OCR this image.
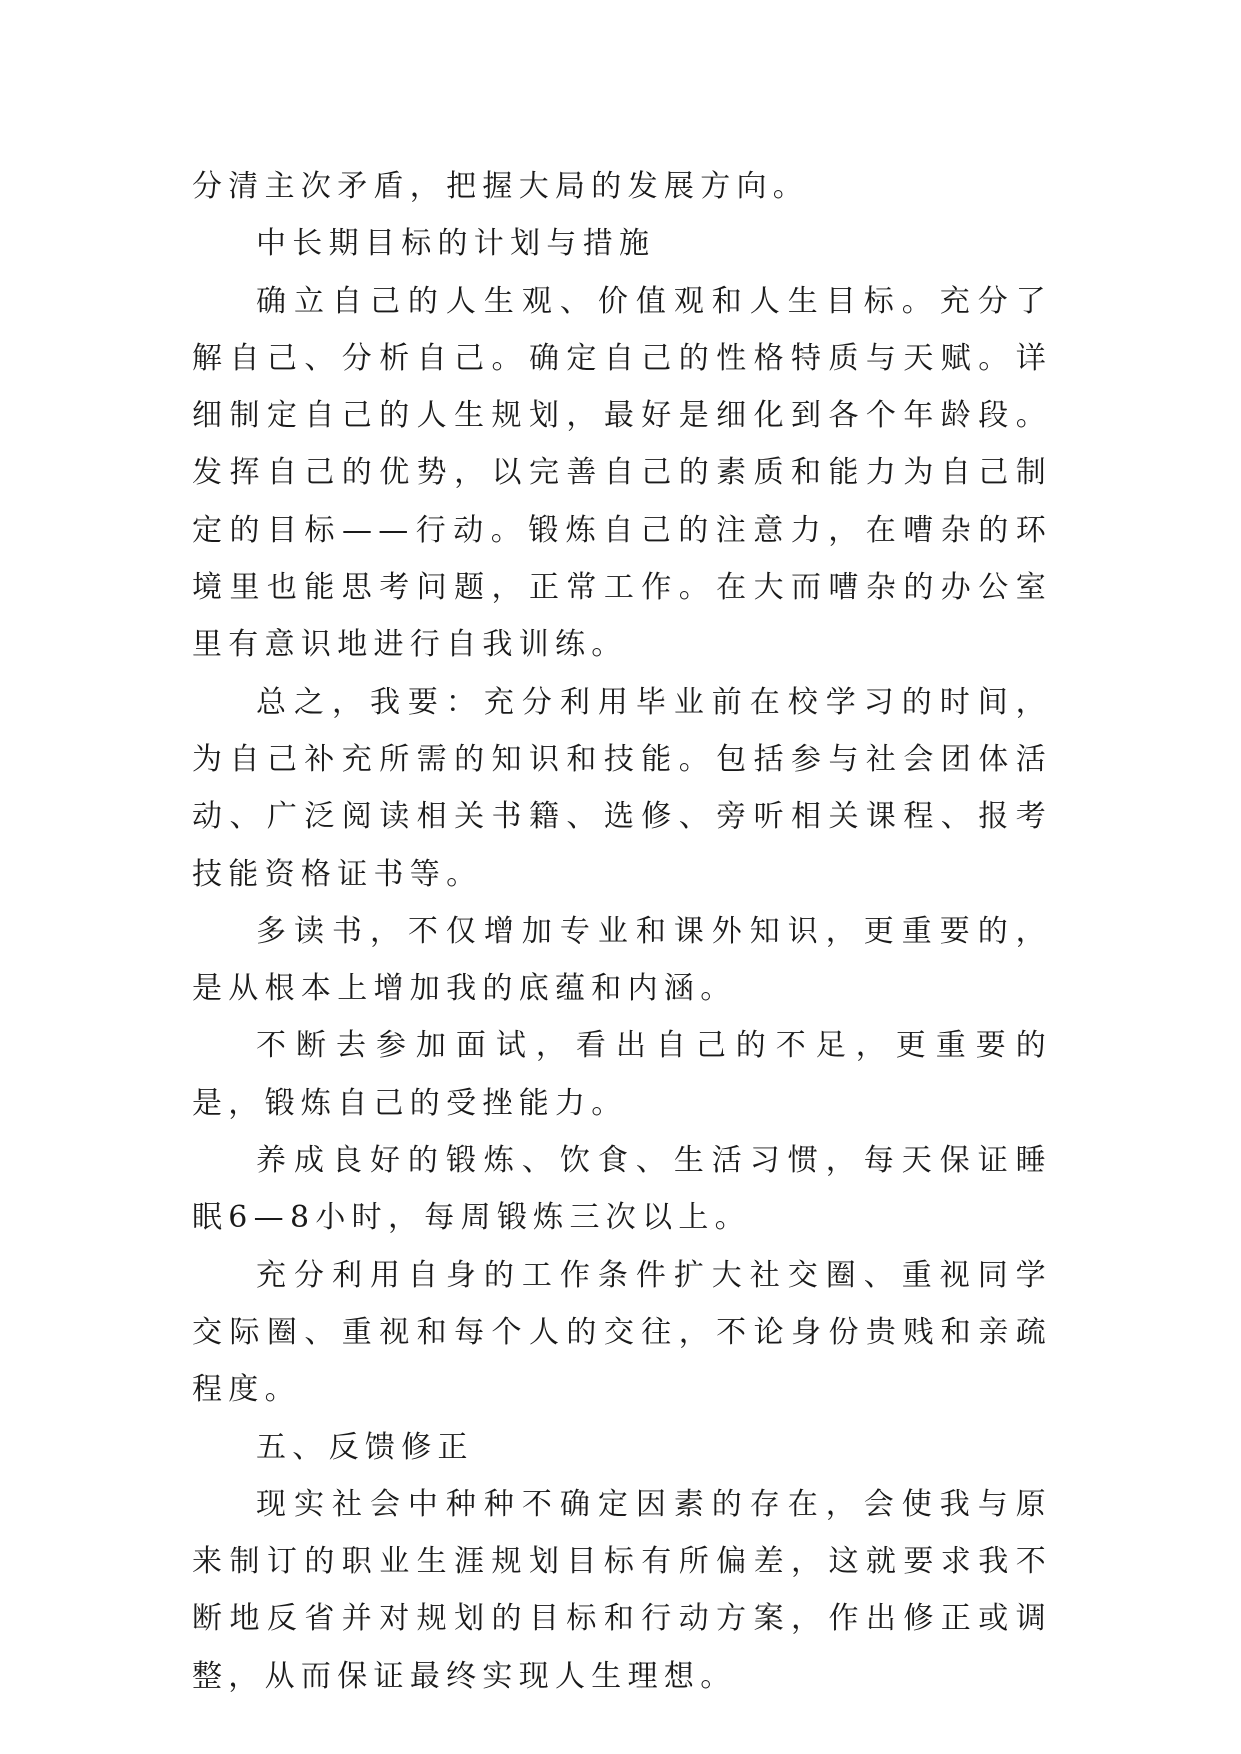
分清主次矛盾，把握大局的发展方向。

中长期目标的计划与措施

确立自己的人生观、价值观和人生目标。充分了解自己、分析自己。确定自己的性格特质与天赋。详细制定自己的人生规划，最好是细化到各个年龄段。发挥自己的优势，以完善自己的素质和能力为自己制定的目标——行动。锻炼自己的注意力，在嘈杂的环境里也能思考问题，正常工作。在大而嘈杂的办公室里有意识地进行自我训练。

总之，我要：充分利用毕业前在校学习的时间，为自己补充所需的知识和技能。包括参与社会团体活动、广泛阅读相关书籍、选修、旁听相关课程、报考技能资格证书等。

多读书，不仅增加专业和课外知识，更重要的，是从根本上增加我的底蕴和内涵。

不断去参加面试，看出自己的不足，更重要的是，锻炼自己的受挫能力。

养成良好的锻炼、饮食、生活习惯，每天保证睡眠6—8小时，每周锻炼三次以上。

充分利用自身的工作条件扩大社交圈、重视同学交际圈、重视和每个人的交往，不论身份贵贱和亲疏程度。

五、反馈修正

现实社会中种种不确定因素的存在，会使我与原来制订的职业生涯规划目标有所偏差，这就要求我不断地反省并对规划的目标和行动方案，作出修正或调整，从而保证最终实现人生理想。
